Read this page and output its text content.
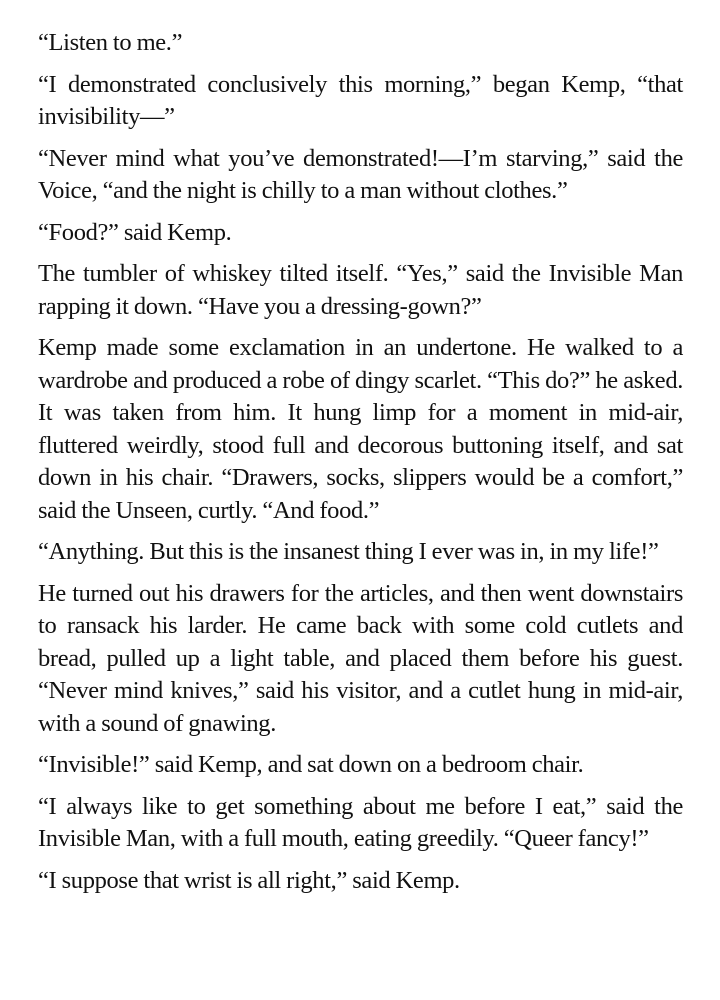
“Listen to me.”

“I demonstrated conclusively this morning,” began Kemp, “that invisibility—”

“Never mind what you’ve demonstrated!—I’m starving,” said the Voice, “and the night is chilly to a man without clothes.”

“Food?” said Kemp.

The tumbler of whiskey tilted itself. “Yes,” said the Invisible Man rapping it down. “Have you a dressing-gown?”

Kemp made some exclamation in an undertone. He walked to a wardrobe and produced a robe of dingy scarlet. “This do?” he asked. It was taken from him. It hung limp for a moment in mid-air, fluttered weirdly, stood full and decorous buttoning itself, and sat down in his chair. “Drawers, socks, slippers would be a comfort,” said the Unseen, curtly. “And food.”

“Anything. But this is the insanest thing I ever was in, in my life!”

He turned out his drawers for the articles, and then went downstairs to ransack his larder. He came back with some cold cutlets and bread, pulled up a light table, and placed them before his guest. “Never mind knives,” said his visitor, and a cutlet hung in mid-air, with a sound of gnawing.

“Invisible!” said Kemp, and sat down on a bedroom chair.

“I always like to get something about me before I eat,” said the Invisible Man, with a full mouth, eating greedily. “Queer fancy!”

“I suppose that wrist is all right,” said Kemp.
